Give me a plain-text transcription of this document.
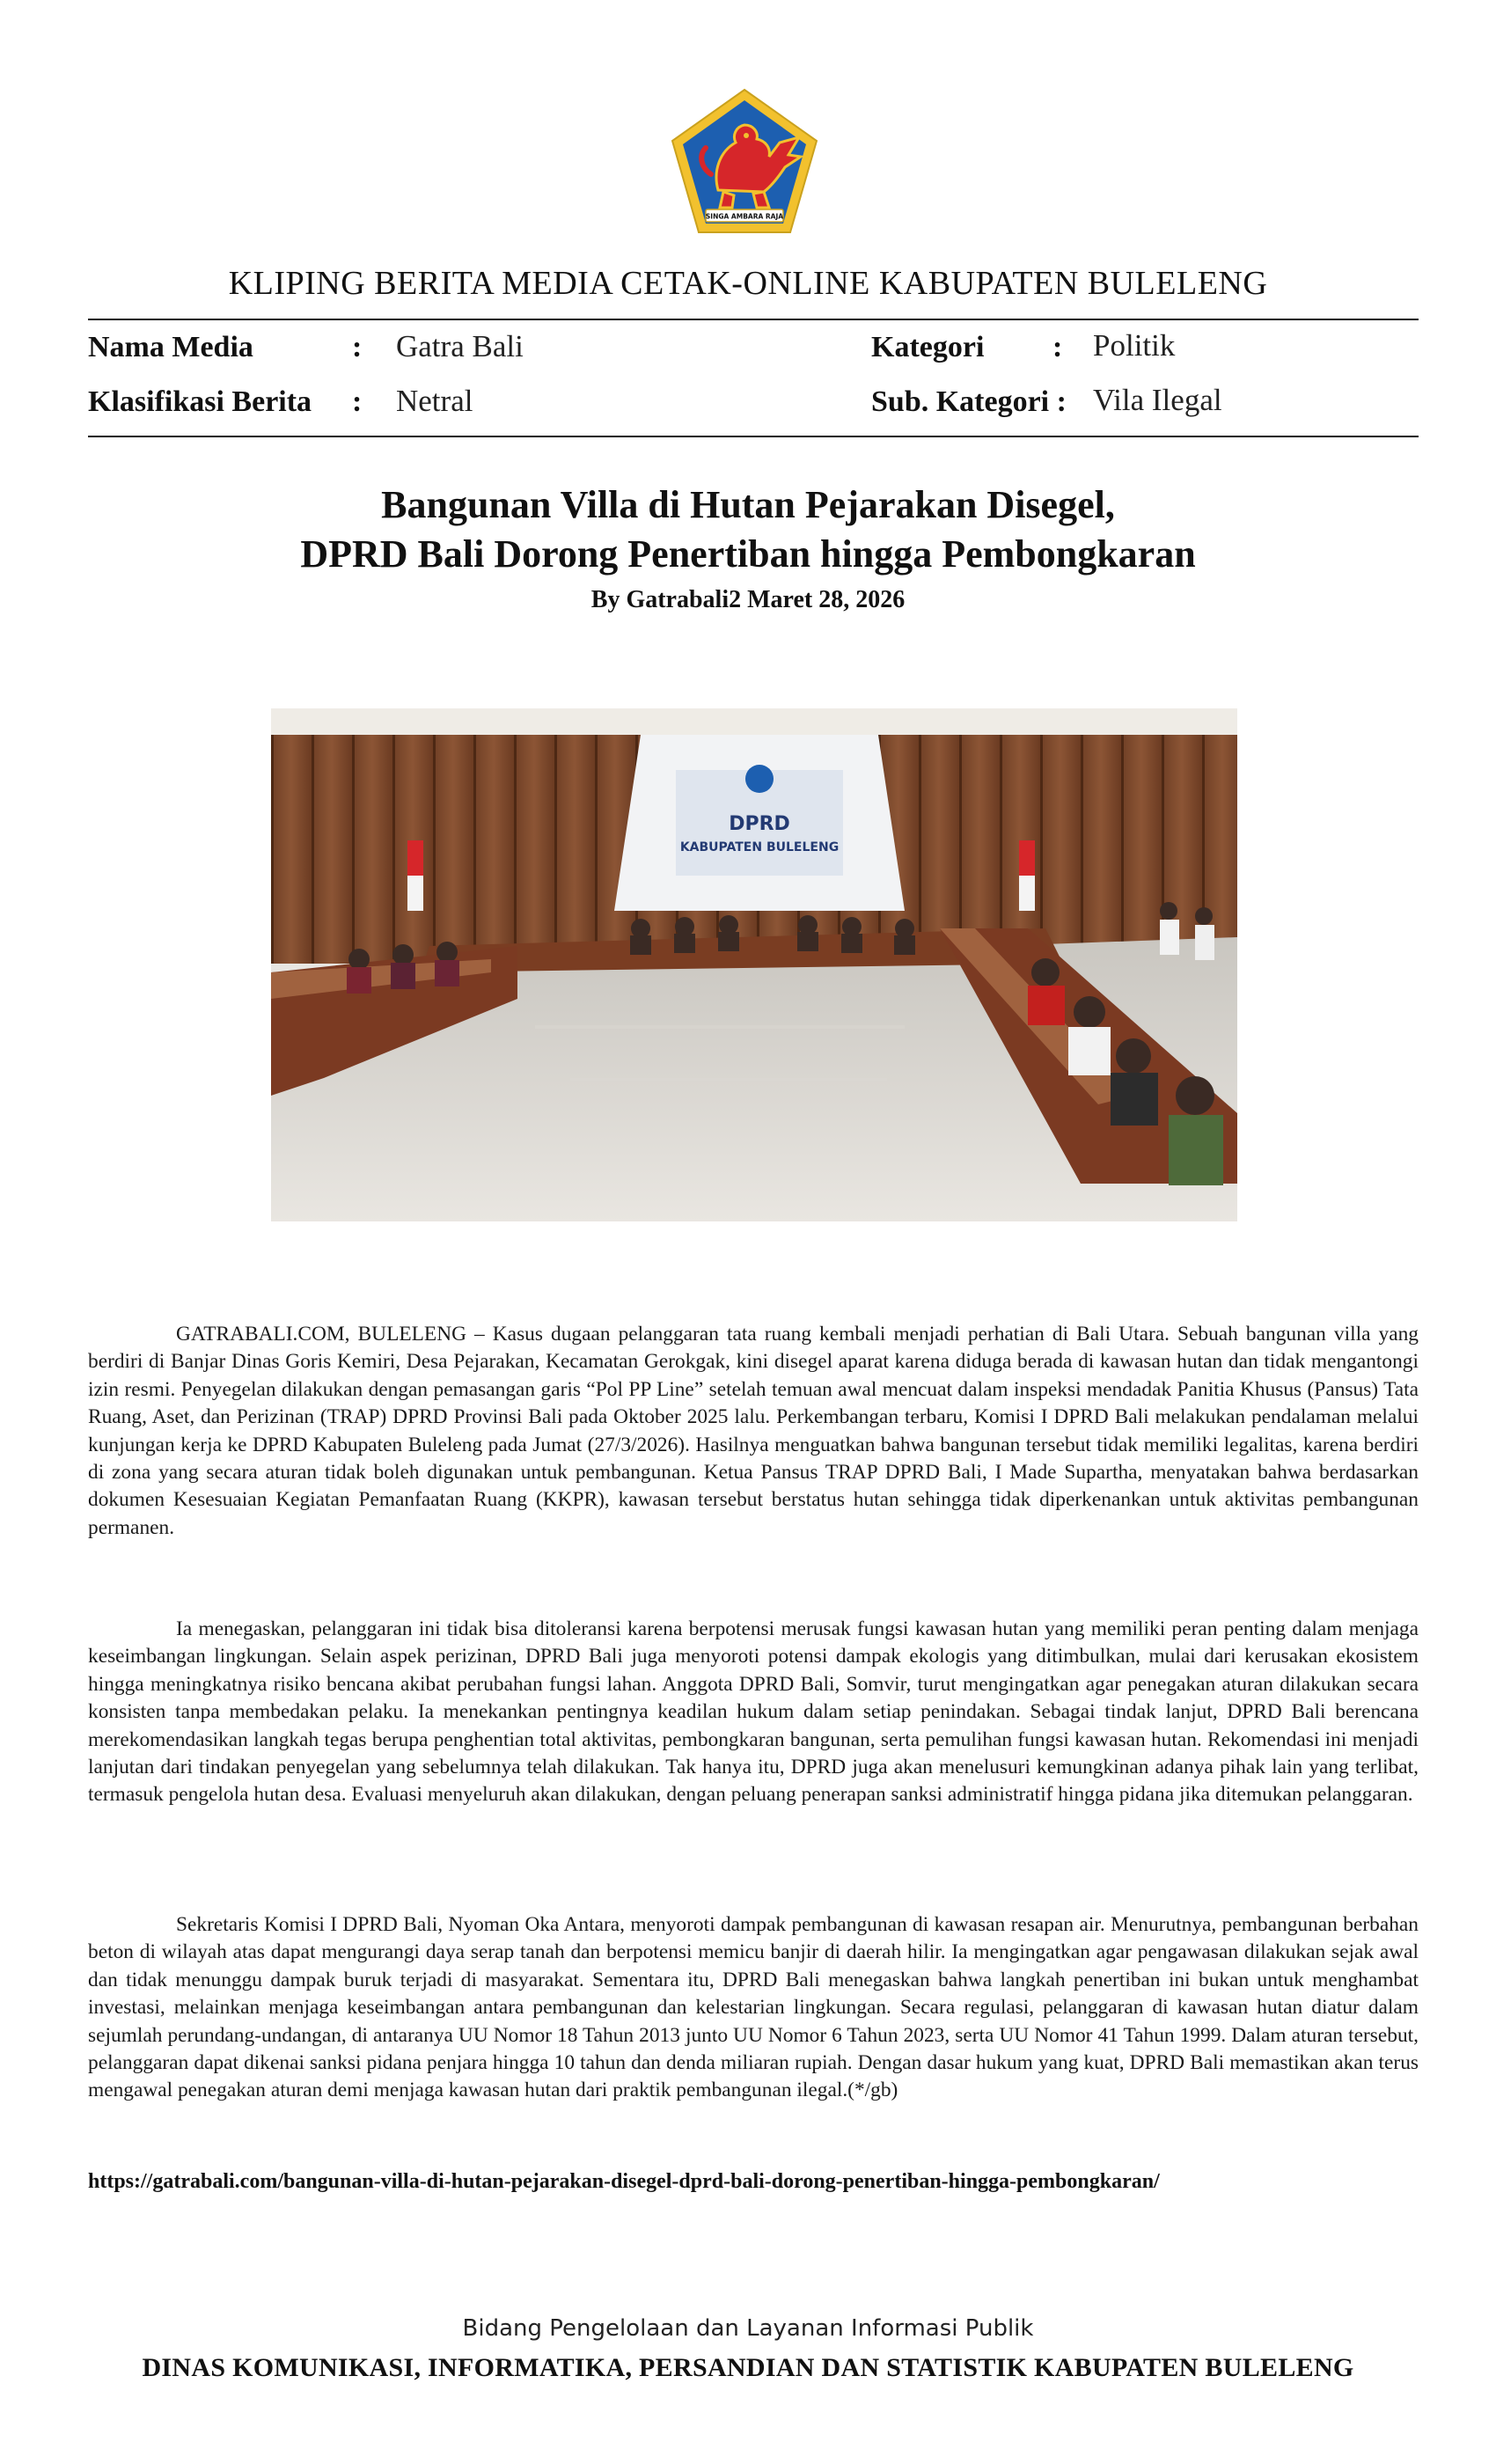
SINGA AMBARA RAJA
KLIPING BERITA MEDIA CETAK-ONLINE KABUPATEN BULELENG
Nama Media	: Gatra Bali	Kategori : Politik
Klasifikasi Berita : Netral	Sub. Kategori : Vila Ilegal
Bangunan Villa di Hutan Pejarakan Disegel,
DPRD Bali Dorong Penertiban hingga Pembongkaran
By Gatrabali2 Maret 28, 2026
DPRD
KABUPATEN BULELENG

GATRABALI.COM, BULELENG – Kasus dugaan pelanggaran tata ruang kembali menjadi perhatian di Bali Utara. Sebuah bangunan villa yang berdiri di Banjar Dinas Goris Kemiri, Desa Pejarakan, Kecamatan Gerokgak, kini disegel aparat karena diduga berada di kawasan hutan dan tidak mengantongi izin resmi. Penyegelan dilakukan dengan pemasangan garis “Pol PP Line” setelah temuan awal mencuat dalam inspeksi mendadak Panitia Khusus (Pansus) Tata Ruang, Aset, dan Perizinan (TRAP) DPRD Provinsi Bali pada Oktober 2025 lalu. Perkembangan terbaru, Komisi I DPRD Bali melakukan pendalaman melalui kunjungan kerja ke DPRD Kabupaten Buleleng pada Jumat (27/3/2026). Hasilnya menguatkan bahwa bangunan tersebut tidak memiliki legalitas, karena berdiri di zona yang secara aturan tidak boleh digunakan untuk pembangunan. Ketua Pansus TRAP DPRD Bali, I Made Supartha, menyatakan bahwa berdasarkan dokumen Kesesuaian Kegiatan Pemanfaatan Ruang (KKPR), kawasan tersebut berstatus hutan sehingga tidak diperkenankan untuk aktivitas pembangunan permanen.

Ia menegaskan, pelanggaran ini tidak bisa ditoleransi karena berpotensi merusak fungsi kawasan hutan yang memiliki peran penting dalam menjaga keseimbangan lingkungan. Selain aspek perizinan, DPRD Bali juga menyoroti potensi dampak ekologis yang ditimbulkan, mulai dari kerusakan ekosistem hingga meningkatnya risiko bencana akibat perubahan fungsi lahan. Anggota DPRD Bali, Somvir, turut mengingatkan agar penegakan aturan dilakukan secara konsisten tanpa membedakan pelaku. Ia menekankan pentingnya keadilan hukum dalam setiap penindakan. Sebagai tindak lanjut, DPRD Bali berencana merekomendasikan langkah tegas berupa penghentian total aktivitas, pembongkaran bangunan, serta pemulihan fungsi kawasan hutan. Rekomendasi ini menjadi lanjutan dari tindakan penyegelan yang sebelumnya telah dilakukan. Tak hanya itu, DPRD juga akan menelusuri kemungkinan adanya pihak lain yang terlibat, termasuk pengelola hutan desa. Evaluasi menyeluruh akan dilakukan, dengan peluang penerapan sanksi administratif hingga pidana jika ditemukan pelanggaran.

Sekretaris Komisi I DPRD Bali, Nyoman Oka Antara, menyoroti dampak pembangunan di kawasan resapan air. Menurutnya, pembangunan berbahan beton di wilayah atas dapat mengurangi daya serap tanah dan berpotensi memicu banjir di daerah hilir. Ia mengingatkan agar pengawasan dilakukan sejak awal dan tidak menunggu dampak buruk terjadi di masyarakat. Sementara itu, DPRD Bali menegaskan bahwa langkah penertiban ini bukan untuk menghambat investasi, melainkan menjaga keseimbangan antara pembangunan dan kelestarian lingkungan. Secara regulasi, pelanggaran di kawasan hutan diatur dalam sejumlah perundang-undangan, di antaranya UU Nomor 18 Tahun 2013 junto UU Nomor 6 Tahun 2023, serta UU Nomor 41 Tahun 1999. Dalam aturan tersebut, pelanggaran dapat dikenai sanksi pidana penjara hingga 10 tahun dan denda miliaran rupiah. Dengan dasar hukum yang kuat, DPRD Bali memastikan akan terus mengawal penegakan aturan demi menjaga kawasan hutan dari praktik pembangunan ilegal.(*/gb)

https://gatrabali.com/bangunan-villa-di-hutan-pejarakan-disegel-dprd-bali-dorong-penertiban-hingga-pembongkaran/
Bidang Pengelolaan dan Layanan Informasi Publik
DINAS KOMUNIKASI, INFORMATIKA, PERSANDIAN DAN STATISTIK KABUPATEN BULELENG
